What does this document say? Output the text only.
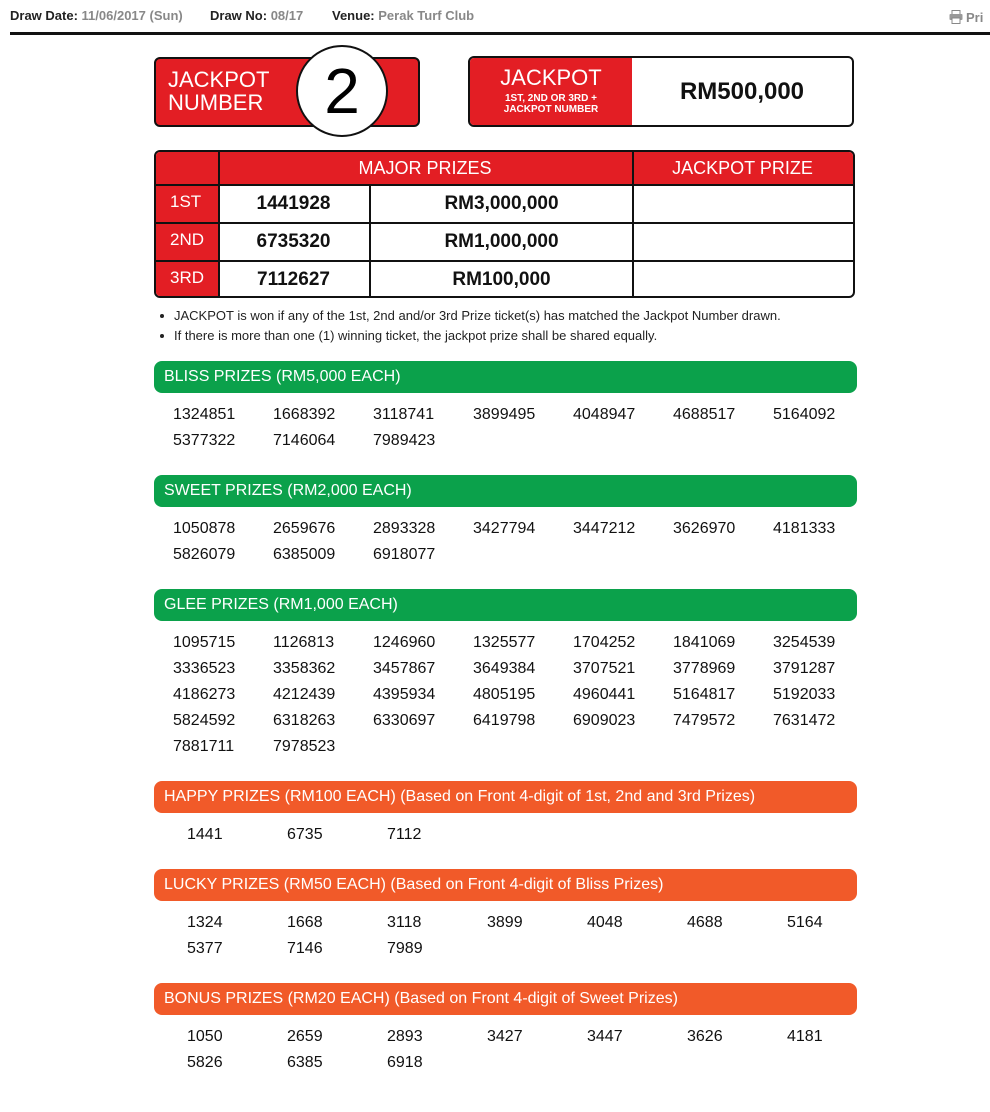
Draw Date: 11/06/2017 (Sun) Draw No: 08/17 Venue: Perak Turf Club	Pri
JACKPOT
NUMBER 2	JACKPOT
1ST, 2ND OR 3RD +
JACKPOT NUMBER
RM500,000
MAJOR PRIZES	JACKPOT PRIZE
1ST	1441928	RM3,000,000
2ND	6735320	RM1,000,000
3RD	7112627	RM100,000
JACKPOT is won if any of the 1st, 2nd and/or 3rd Prize ticket(s) has matched the Jackpot Number drawn.
If there is more than one (1) winning ticket, the jackpot prize shall be shared equally.
BLISS PRIZES (RM5,000 EACH)
1324851	1668392	3118741	3899495	4048947	4688517	5164092
5377322	7146064	7989423
SWEET PRIZES (RM2,000 EACH)
1050878	2659676	2893328	3427794	3447212	3626970	4181333
5826079	6385009	6918077
GLEE PRIZES (RM1,000 EACH)
1095715	1126813	1246960	1325577	1704252	1841069	3254539
3336523	3358362	3457867	3649384	3707521	3778969	3791287
4186273	4212439	4395934	4805195	4960441	5164817	5192033
5824592	6318263	6330697	6419798	6909023	7479572	7631472
7881711	7978523
HAPPY PRIZES (RM100 EACH) (Based on Front 4-digit of 1st, 2nd and 3rd Prizes)
1441	6735	7112
LUCKY PRIZES (RM50 EACH) (Based on Front 4-digit of Bliss Prizes)
1324	1668	3118	3899	4048	4688	5164
5377	7146	7989
BONUS PRIZES (RM20 EACH) (Based on Front 4-digit of Sweet Prizes)
1050	2659	2893	3427	3447	3626	4181
5826	6385	6918
